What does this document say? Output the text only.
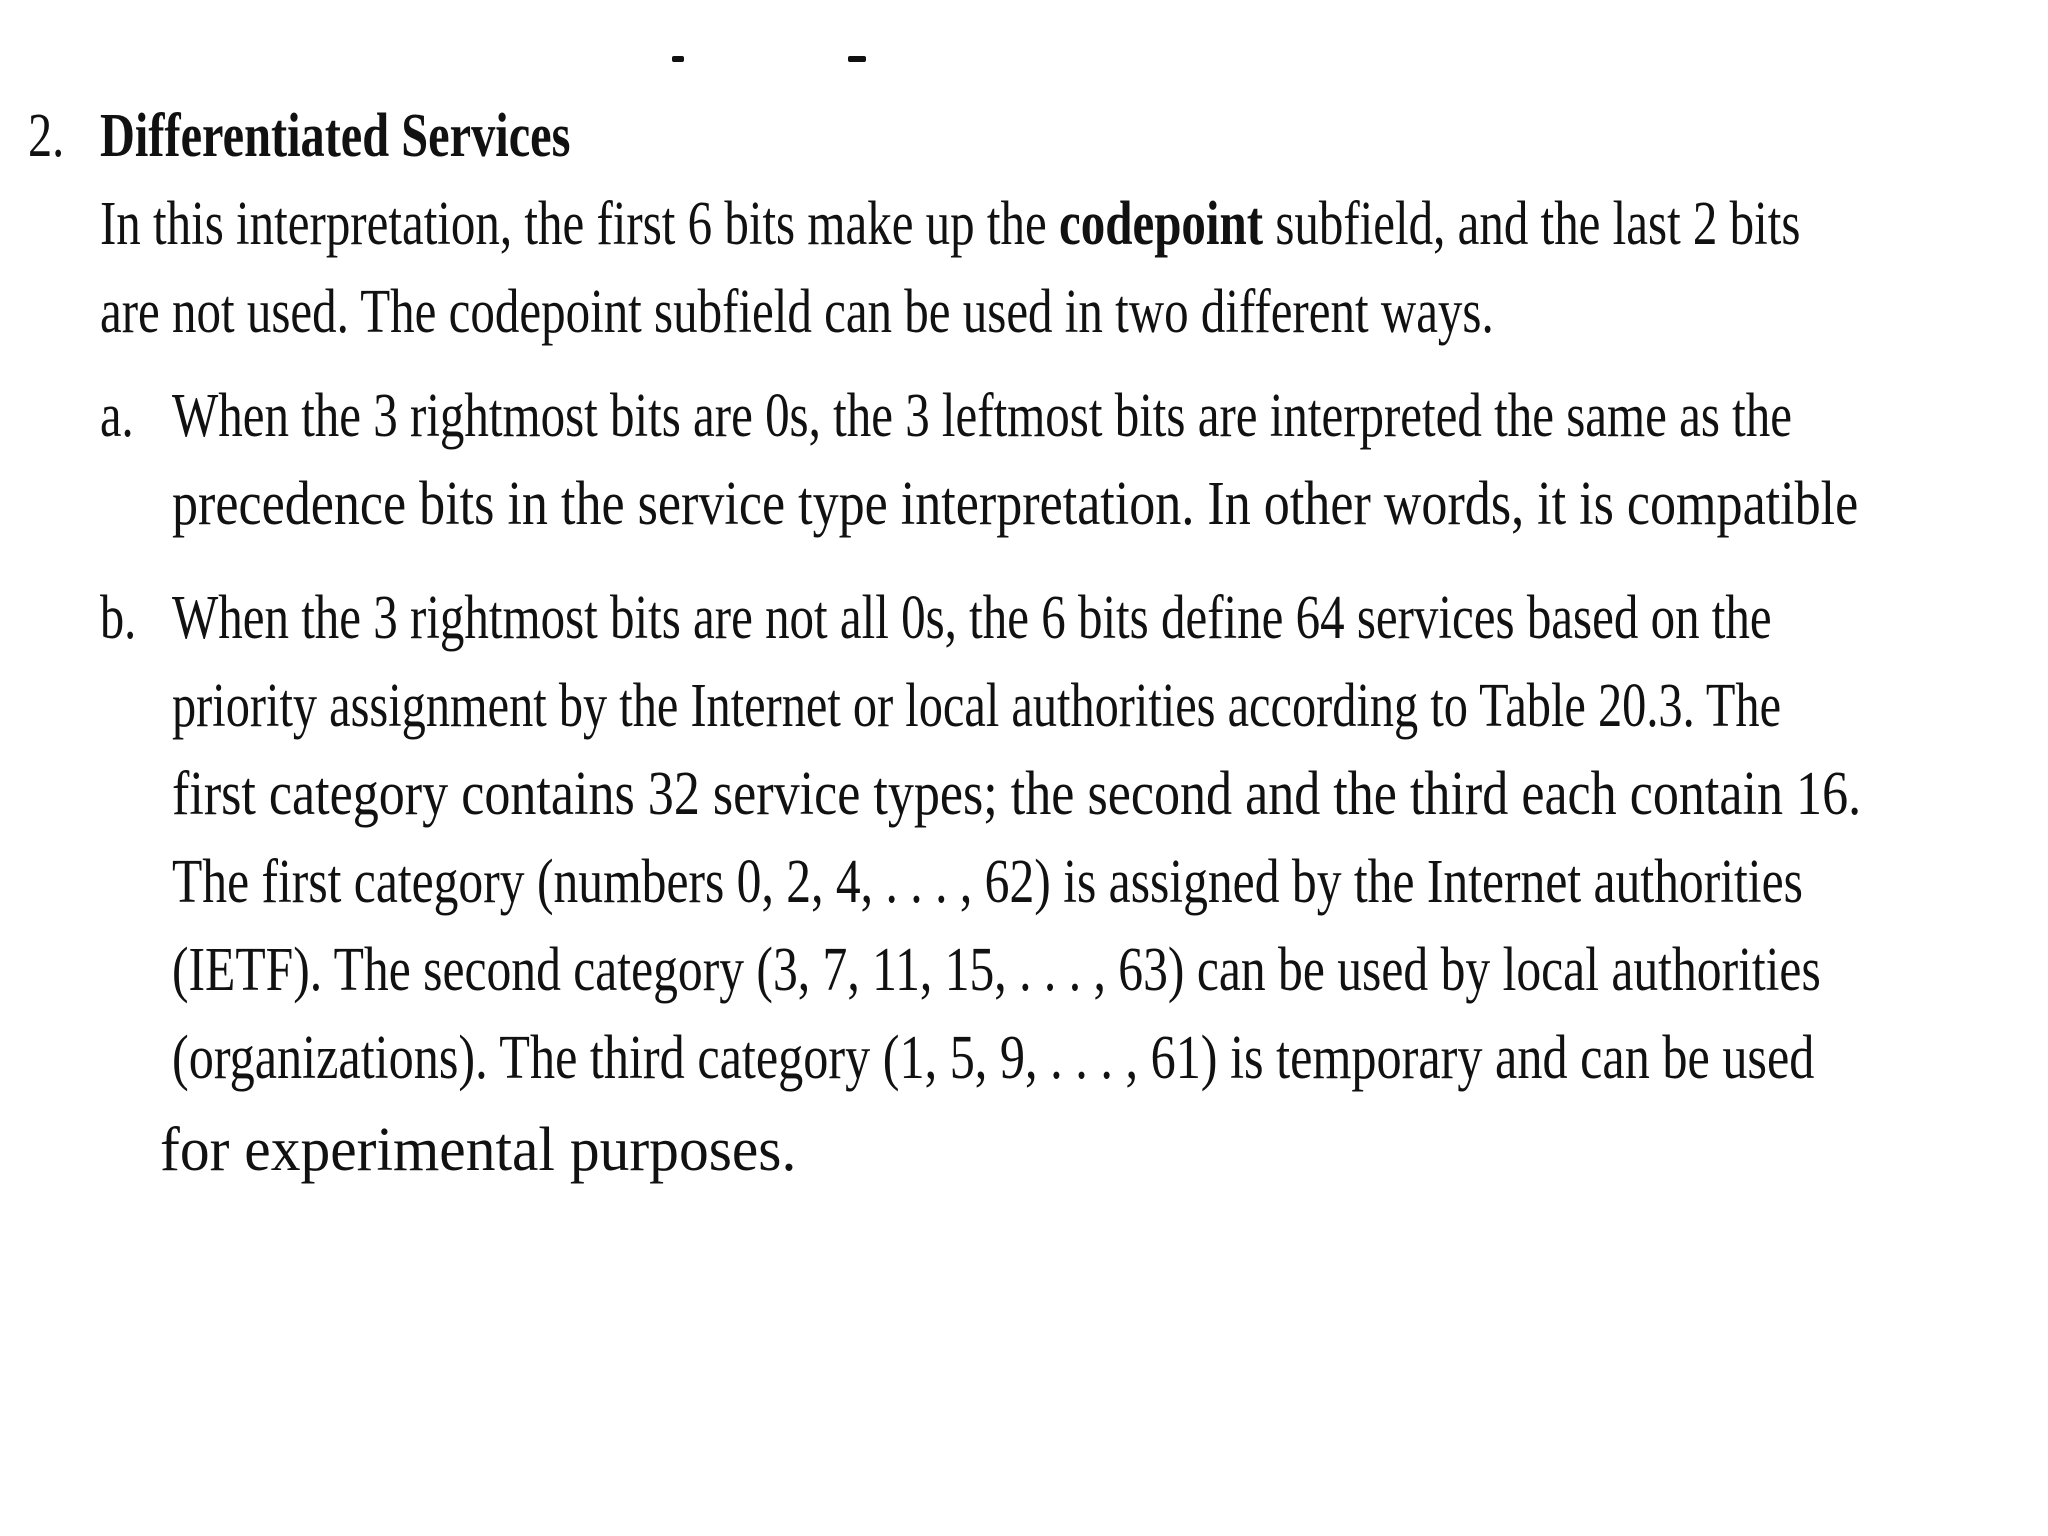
2. Differentiated Services
In this interpretation, the first 6 bits make up the codepoint subfield, and the last 2 bits
are not used. The codepoint subfield can be used in two different ways.
a. When the 3 rightmost bits are 0s, the 3 leftmost bits are interpreted the same as the
precedence bits in the service type interpretation. In other words, it is compatible
b. When the 3 rightmost bits are not all 0s, the 6 bits define 64 services based on the
priority assignment by the Internet or local authorities according to Table 20.3. The
first category contains 32 service types; the second and the third each contain 16.
The first category (numbers 0, 2, 4, . . . , 62) is assigned by the Internet authorities
(IETF). The second category (3, 7, 11, 15, . . . , 63) can be used by local authorities
(organizations). The third category (1, 5, 9, . . . , 61) is temporary and can be used
for experimental purposes.
